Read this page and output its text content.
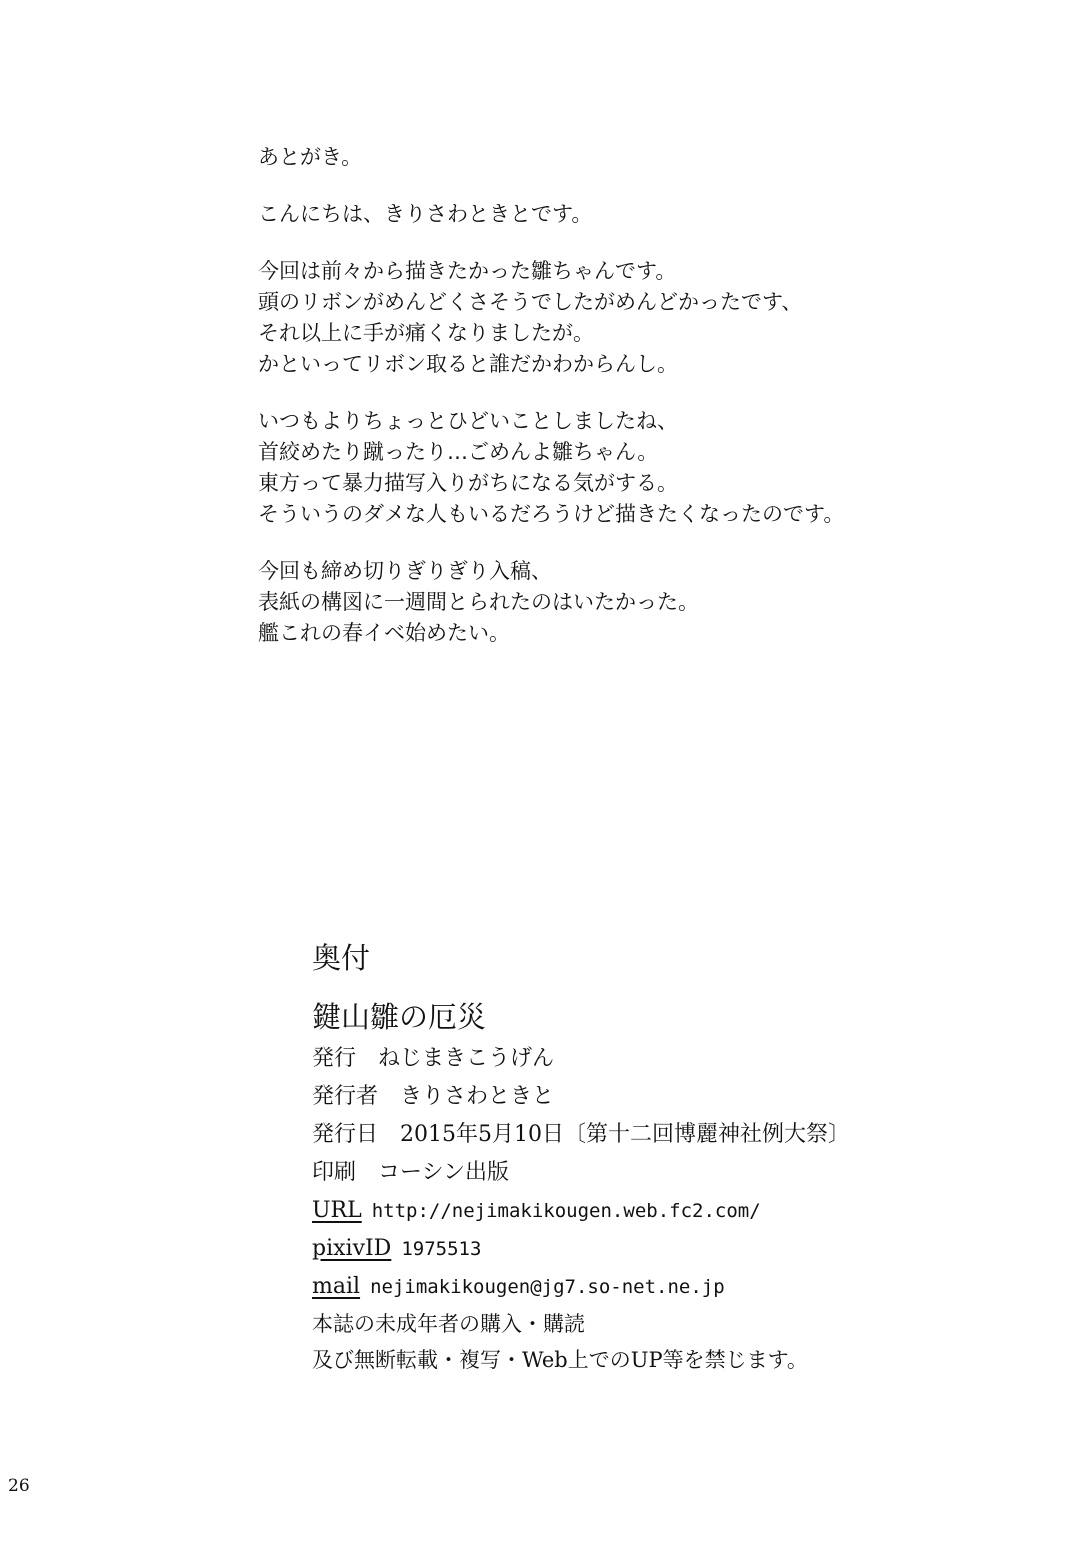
あとがき。

こんにちは、きりさわときとです。

今回は前々から描きたかった雛ちゃんです。
頭のリボンがめんどくさそうでしたがめんどかったです、
それ以上に手が痛くなりましたが。
かといってリボン取ると誰だかわからんし。

いつもよりちょっとひどいことしましたね、
首絞めたり蹴ったり…ごめんよ雛ちゃん。
東方って暴力描写入りがちになる気がする。
そういうのダメな人もいるだろうけど描きたくなったのです。

今回も締め切りぎりぎり入稿、
表紙の構図に一週間とられたのはいたかった。
艦これの春イベ始めたい。

奥付
鍵山雛の厄災
発行 ねじまきこうげん
発行者 きりさわときと
発行日 2015年5月10日〔第十二回博麗神社例大祭〕
印刷 コーシン出版
URL http://nejimakikougen.web.fc2.com/
pixivID 1975513
mail nejimakikougen@jg7.so-net.ne.jp
本誌の未成年者の購入・購読
及び無断転載・複写・Web上でのUP等を禁じます。
26
